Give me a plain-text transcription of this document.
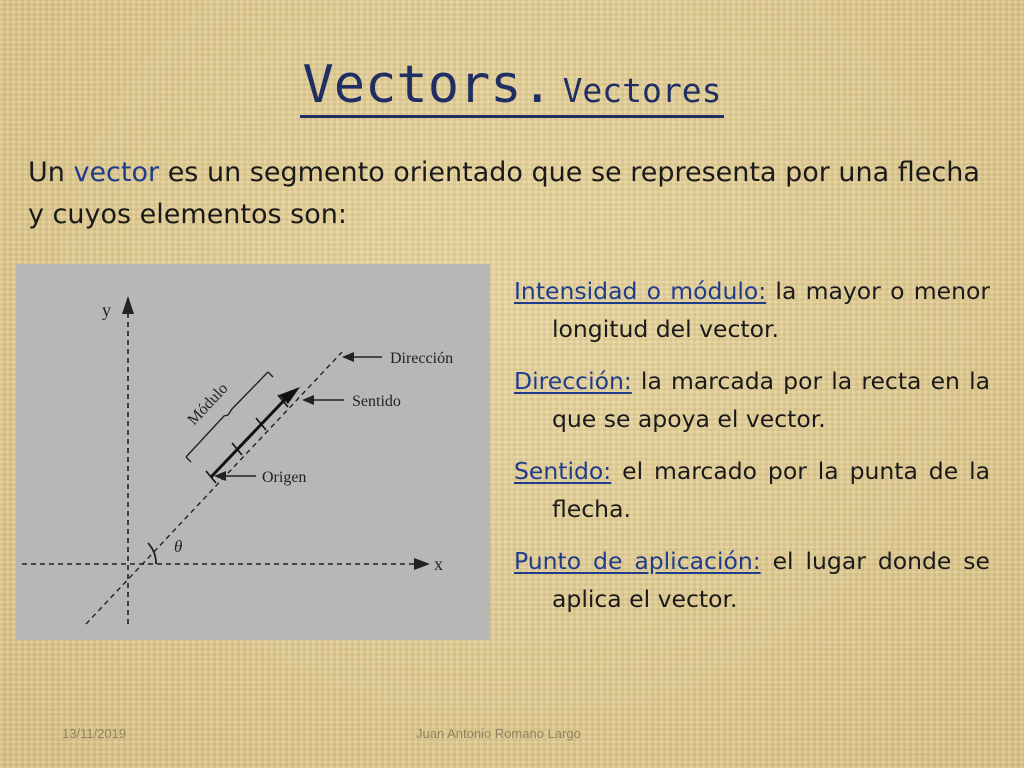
Vectors. Vectores
Un vector es un segmento orientado que se representa por una flecha y cuyos elementos son:
y
x
Módulo
θ
Dirección
Sentido
Origen
Intensidad o módulo: la mayor o menor longitud del vector.
Dirección: la marcada por la recta en la que se apoya el vector.
Sentido: el marcado por la punta de la flecha.
Punto de aplicación: el lugar donde se aplica el vector.
13/11/2019	Juan Antonio Romano Largo
